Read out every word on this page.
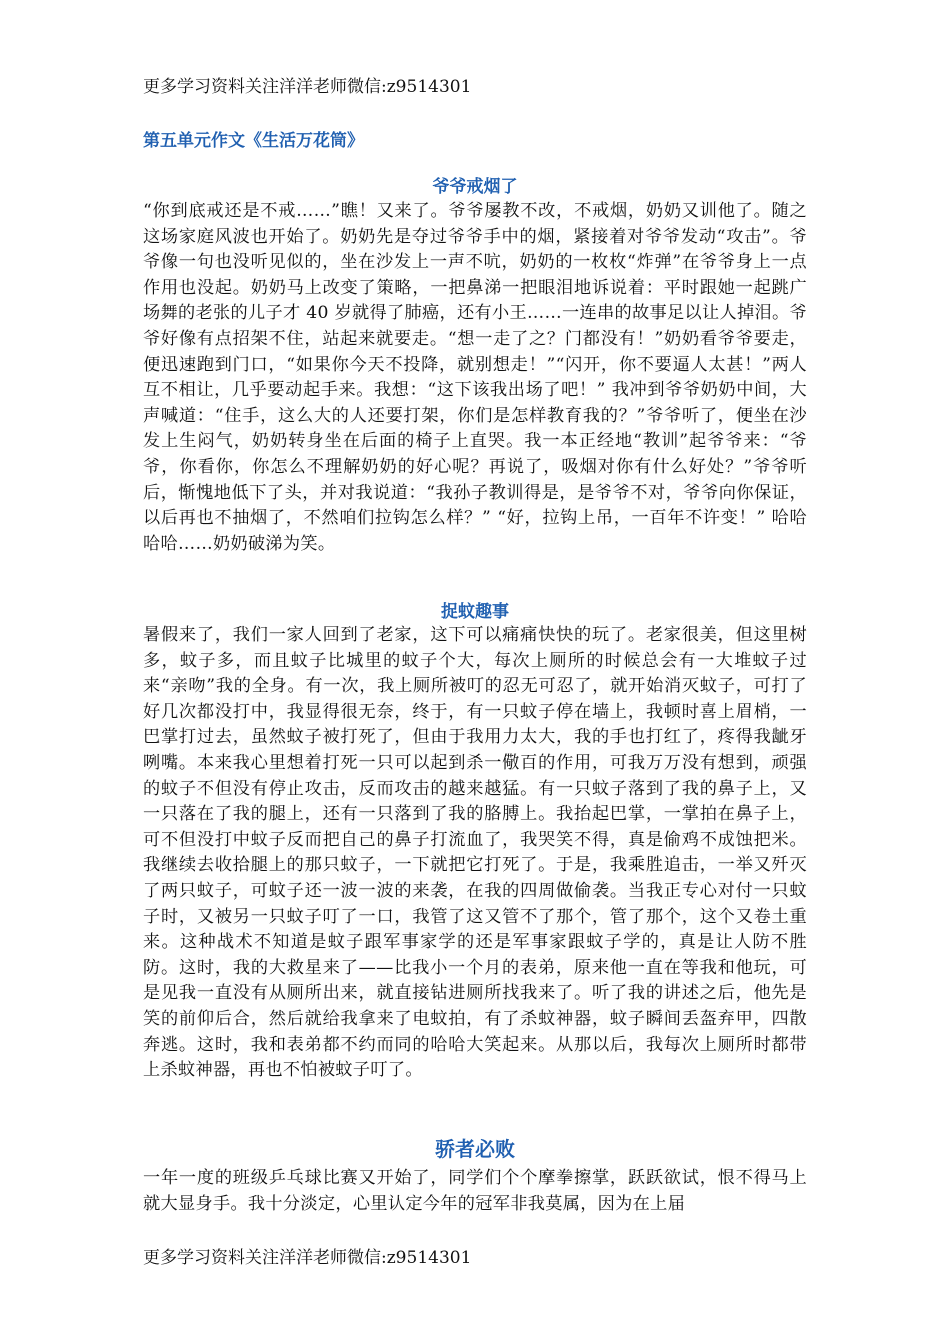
更多学习资料关注洋洋老师微信:z9514301

第五单元作文《生活万花筒》
爷爷戒烟了

“你到底戒还是不戒……”瞧！又来了。爷爷屡教不改，不戒烟，奶奶又训他了。随之这场家庭风波也开始了。奶奶先是夺过爷爷手中的烟，紧接着对爷爷发动“攻击”。爷爷像一句也没听见似的，坐在沙发上一声不吭，奶奶的一枚枚“炸弹”在爷爷身上一点作用也没起。奶奶马上改变了策略，一把鼻涕一把眼泪地诉说着：平时跟她一起跳广场舞的老张的儿子才 40 岁就得了肺癌，还有小王……一连串的故事足以让人掉泪。爷爷好像有点招架不住，站起来就要走。“想一走了之？门都没有！”奶奶看爷爷要走，便迅速跑到门口，“如果你今天不投降，就别想走！”“闪开，你不要逼人太甚！”两人互不相让，几乎要动起手来。我想：“这下该我出场了吧！” 我冲到爷爷奶奶中间，大声喊道：“住手，这么大的人还要打架，你们是怎样教育我的？”爷爷听了，便坐在沙发上生闷气，奶奶转身坐在后面的椅子上直哭。我一本正经地“教训”起爷爷来：“爷爷，你看你，你怎么不理解奶奶的好心呢？再说了，吸烟对你有什么好处？”爷爷听后，惭愧地低下了头，并对我说道：“我孙子教训得是，是爷爷不对，爷爷向你保证，以后再也不抽烟了，不然咱们拉钩怎么样？” “好，拉钩上吊，一百年不许变！” 哈哈哈哈……奶奶破涕为笑。

捉蚊趣事

暑假来了，我们一家人回到了老家，这下可以痛痛快快的玩了。老家很美，但这里树多，蚊子多，而且蚊子比城里的蚊子个大，每次上厕所的时候总会有一大堆蚊子过来“亲吻”我的全身。有一次，我上厕所被叮的忍无可忍了，就开始消灭蚊子，可打了好几次都没打中，我显得很无奈，终于，有一只蚊子停在墙上，我顿时喜上眉梢，一巴掌打过去，虽然蚊子被打死了，但由于我用力太大，我的手也打红了，疼得我龇牙咧嘴。本来我心里想着打死一只可以起到杀一儆百的作用，可我万万没有想到，顽强的蚊子不但没有停止攻击，反而攻击的越来越猛。有一只蚊子落到了我的鼻子上，又一只落在了我的腿上，还有一只落到了我的胳膊上。我抬起巴掌，一掌拍在鼻子上，可不但没打中蚊子反而把自己的鼻子打流血了，我哭笑不得，真是偷鸡不成蚀把米。我继续去收拾腿上的那只蚊子，一下就把它打死了。于是，我乘胜追击，一举又歼灭了两只蚊子，可蚊子还一波一波的来袭，在我的四周做偷袭。当我正专心对付一只蚊子时，又被另一只蚊子叮了一口，我管了这又管不了那个，管了那个，这个又卷土重来。这种战术不知道是蚊子跟军事家学的还是军事家跟蚊子学的，真是让人防不胜防。这时，我的大救星来了——比我小一个月的表弟，原来他一直在等我和他玩，可是见我一直没有从厕所出来，就直接钻进厕所找我来了。听了我的讲述之后，他先是笑的前仰后合，然后就给我拿来了电蚊拍，有了杀蚊神器，蚊子瞬间丢盔弃甲，四散奔逃。这时，我和表弟都不约而同的哈哈大笑起来。从那以后，我每次上厕所时都带上杀蚊神器，再也不怕被蚊子叮了。

骄者必败

一年一度的班级乒乓球比赛又开始了，同学们个个摩拳擦掌，跃跃欲试，恨不得马上就大显身手。我十分淡定，心里认定今年的冠军非我莫属，因为在上届

更多学习资料关注洋洋老师微信:z9514301
